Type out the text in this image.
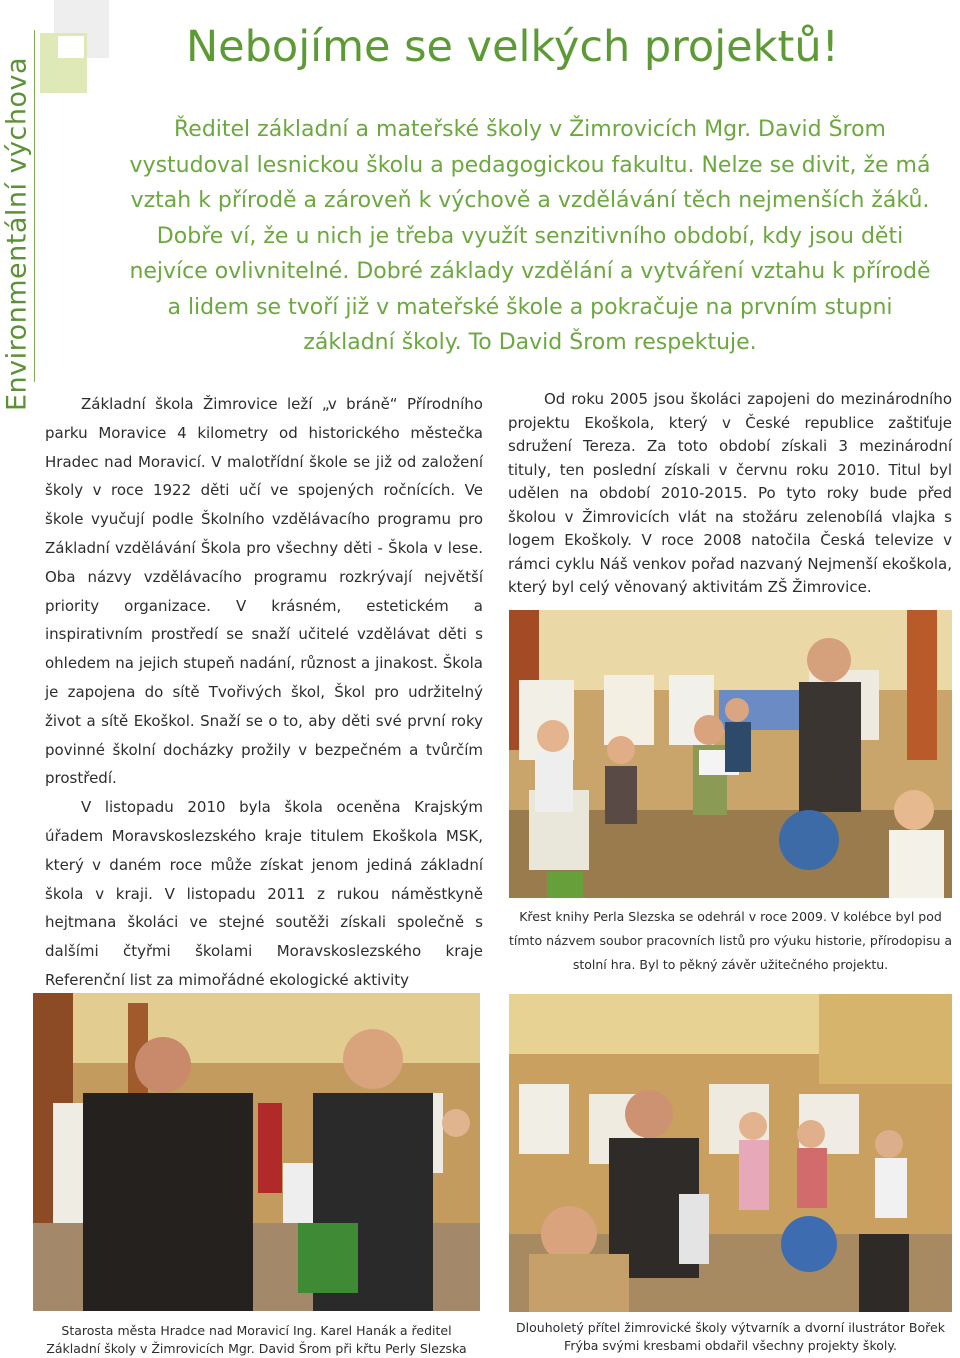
Environmentální výchova
Nebojíme se velkých projektů!

Ředitel základní a mateřské školy v Žimrovicích Mgr. David Šrom vystudoval lesnickou školu a pedagogickou fakultu. Nelze se divit, že má vztah k přírodě a zároveň k výchově a vzdělávání těch nejmenších žáků. Dobře ví, že u nich je třeba využít senzitivního období, kdy jsou děti nejvíce ovlivnitelné. Dobré základy vzdělání a vytváření vztahu k přírodě a lidem se tvoří již v mateřské škole a pokračuje na prvním stupni základní školy. To David Šrom respektuje.

Základní škola Žimrovice leží „v bráně“ Přírodního parku Moravice 4 kilometry od historického městečka Hradec nad Moravicí. V malotřídní škole se již od založení školy v roce 1922 děti učí ve spojených ročnících. Ve škole vyučují podle Školního vzdělávacího programu pro Základní vzdělávání Škola pro všechny děti - Škola v lese. Oba názvy vzdělávacího programu rozkrývají největší priority organizace. V krásném, estetickém a inspirativním prostředí se snaží učitelé vzdělávat děti s ohledem na jejich stupeň nadání, různost a jinakost. Škola je zapojena do sítě Tvořivých škol, Škol pro udržitelný život a sítě Ekoškol. Snaží se o to, aby děti své první roky povinné školní docházky prožily v bezpečném a tvůrčím prostředí.

V listopadu 2010 byla škola oceněna Krajským úřadem Moravskoslezského kraje titulem Ekoškola MSK, který v daném roce může získat jenom jediná základní škola v kraji. V listopadu 2011 z rukou náměstkyně hejtmana školáci ve stejné soutěži získali společně s dalšími čtyřmi školami Moravskoslezského kraje Referenční list za mimořádné ekologické aktivity

Od roku 2005 jsou školáci zapojeni do mezinárodního projektu Ekoškola, který v České republice zaštiťuje sdružení Tereza. Za toto období získali 3 mezinárodní tituly, ten poslední získali v červnu roku 2010. Titul byl udělen na období 2010-2015. Po tyto roky bude před školou v Žimrovicích vlát na stožáru zelenobílá vlajka s logem Ekoškoly. V roce 2008 natočila Česká televize v rámci cyklu Náš venkov pořad nazvaný Nejmenší ekoškola, který byl celý věnovaný aktivitám ZŠ Žimrovice.

Křest knihy Perla Slezska se odehrál v roce 2009. V kolébce byl pod tímto názvem soubor pracovních listů pro výuku historie, přírodopisu a stolní hra. Byl to pěkný závěr užitečného projektu.
Starosta města Hradce nad Moravicí Ing. Karel Hanák a ředitel Základní školy v Žimrovicích Mgr. David Šrom při křtu Perly Slezska
Dlouholetý přítel žimrovické školy výtvarník a dvorní ilustrátor Bořek Frýba svými kresbami obdařil všechny projekty školy.
